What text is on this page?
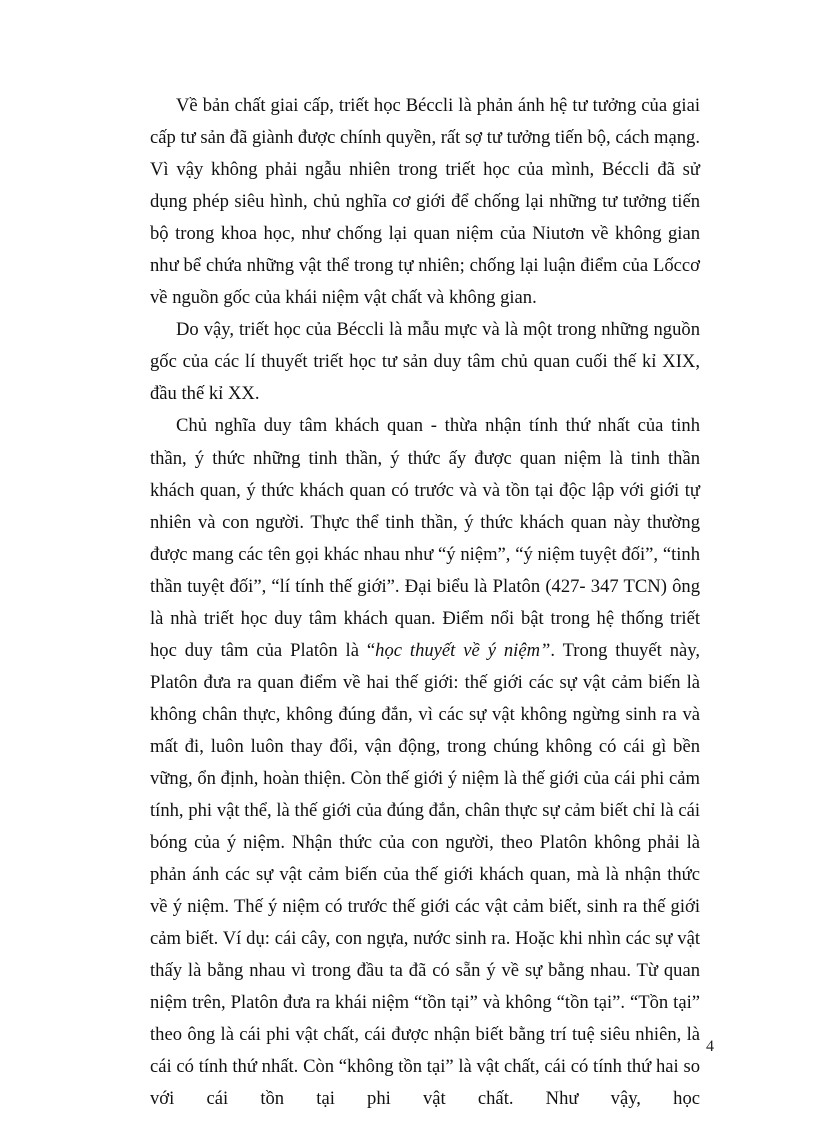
Về bản chất giai cấp, triết học Béccli là phản ánh hệ tư tưởng của giai cấp tư sản đã giành được chính quyền, rất sợ tư tưởng tiến bộ, cách mạng. Vì vậy không phải ngẫu nhiên trong triết học của mình, Béccli đã sử dụng phép siêu hình, chủ nghĩa cơ giới để chống lại những tư tưởng tiến bộ trong khoa học, như chống lại quan niệm của Niutơn về không gian như bể chứa những vật thể trong tự nhiên; chống lại luận điểm của Lốccơ về nguồn gốc của khái niệm vật chất và không gian.

Do vậy, triết học của Béccli là mẫu mực và là một trong những nguồn gốc của các lí thuyết triết học tư sản duy tâm chủ quan cuối thế kỉ XIX, đầu thế kỉ XX.

Chủ nghĩa duy tâm khách quan - thừa nhận tính thứ nhất của tinh thần, ý thức những tinh thần, ý thức ấy được quan niệm là tinh thần khách quan, ý thức khách quan có trước và và tồn tại độc lập với giới tự nhiên và con người. Thực thể tinh thần, ý thức khách quan này thường được mang các tên gọi khác nhau như “ý niệm”, “ý niệm tuyệt đối”, “tinh thần tuyệt đối”, “lí tính thế giới”. Đại biểu là Platôn (427- 347 TCN) ông là nhà triết học duy tâm khách quan. Điểm nổi bật trong hệ thống triết học duy tâm của Platôn là “học thuyết về ý niệm”. Trong thuyết này, Platôn đưa ra quan điểm về hai thế giới: thế giới các sự vật cảm biến là không chân thực, không đúng đắn, vì các sự vật không ngừng sinh ra và mất đi, luôn luôn thay đổi, vận động, trong chúng không có cái gì bền vững, ổn định, hoàn thiện. Còn thế giới ý niệm là thế giới của cái phi cảm tính, phi vật thể, là thế giới của đúng đắn, chân thực sự cảm biết chỉ là cái bóng của ý niệm. Nhận thức của con người, theo Platôn không phải là phản ánh các sự vật cảm biến của thế giới khách quan, mà là nhận thức về ý niệm. Thế ý niệm có trước thế giới các vật cảm biết, sinh ra thế giới cảm biết. Ví dụ: cái cây, con ngựa, nước sinh ra. Hoặc khi nhìn các sự vật thấy là bằng nhau vì trong đầu ta đã có sẵn ý về sự bằng nhau. Từ quan niệm trên, Platôn đưa ra khái niệm “tồn tại” và không “tồn tại”. “Tồn tại” theo ông là cái phi vật chất, cái được nhận biết bằng trí tuệ siêu nhiên, là cái có tính thứ nhất. Còn “không tồn tại” là vật chất, cái có tính thứ hai so với cái tồn tại phi vật chất. Như vậy, học

4
